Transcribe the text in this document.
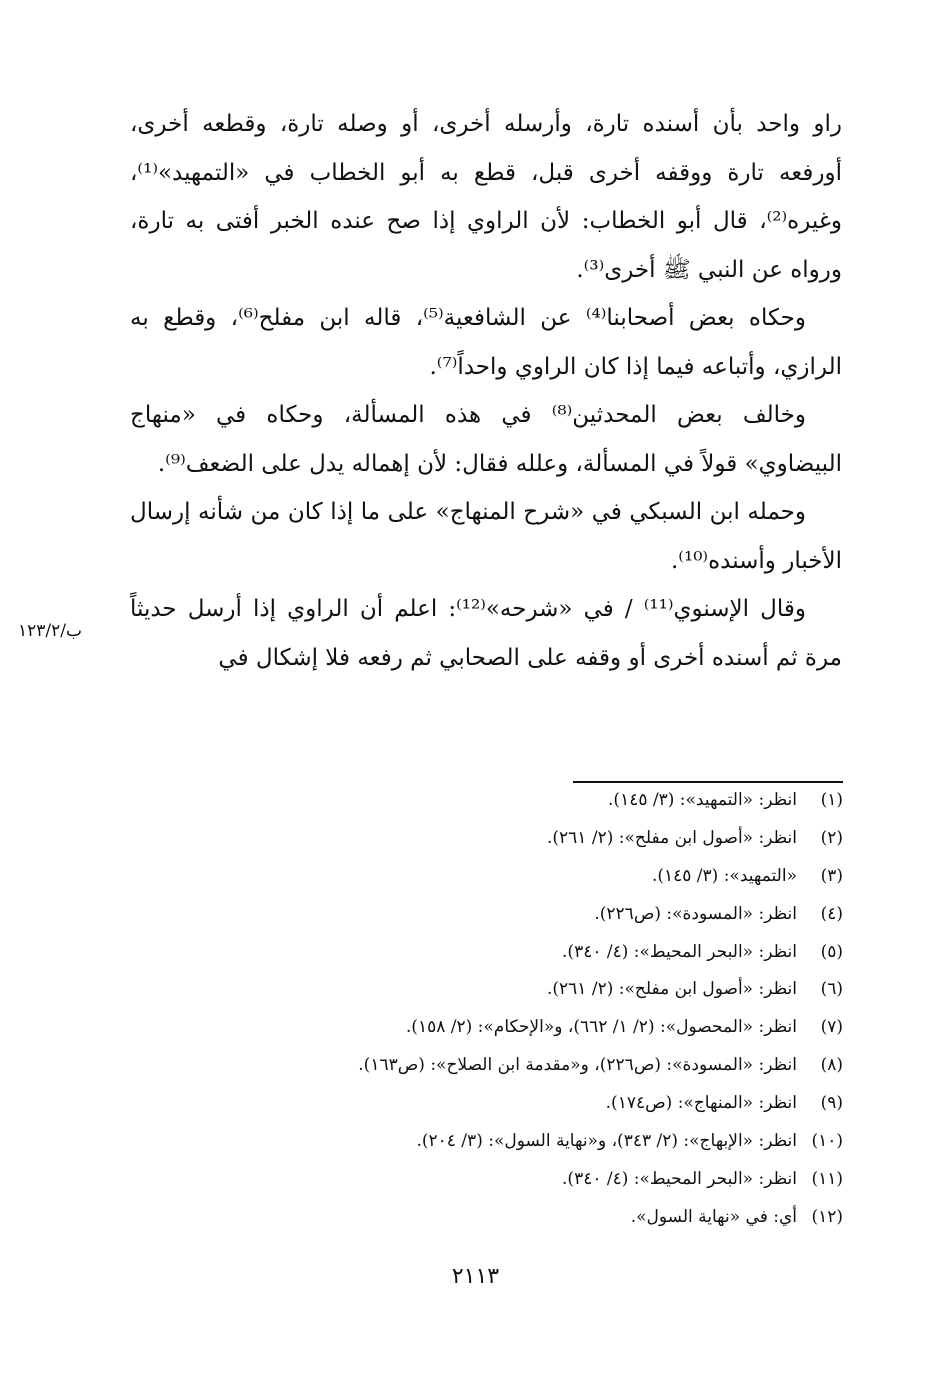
ب/١٢٣/٢

راو واحد بأن أسنده تارة، وأرسله أخرى، أو وصله تارة، وقطعه أخرى، أورفعه تارة ووقفه أخرى قبل، قطع به أبو الخطاب في «التمهيد»⁽¹⁾، وغيره⁽²⁾، قال أبو الخطاب: لأن الراوي إذا صح عنده الخبر أفتى به تارة، ورواه عن النبي ﷺ أخرى⁽³⁾.

وحكاه بعض أصحابنا⁽⁴⁾ عن الشافعية⁽⁵⁾، قاله ابن مفلح⁽⁶⁾، وقطع به الرازي، وأتباعه فيما إذا كان الراوي واحداً⁽⁷⁾.

وخالف بعض المحدثين⁽⁸⁾ في هذه المسألة، وحكاه في «منهاج البيضاوي» قولاً في المسألة، وعلله فقال: لأن إهماله يدل على الضعف⁽⁹⁾.

وحمله ابن السبكي في «شرح المنهاج» على ما إذا كان من شأنه إرسال الأخبار وأسنده⁽¹⁰⁾.

وقال الإسنوي⁽¹¹⁾ / في «شرحه»⁽¹²⁾: اعلم أن الراوي إذا أرسل حديثاً مرة ثم أسنده أخرى أو وقفه على الصحابي ثم رفعه فلا إشكال في

(١)انظر: «التمهيد»: (٣/ ١٤٥).
(٢)انظر: «أصول ابن مفلح»: (٢/ ٢٦١).
(٣)«التمهيد»: (٣/ ١٤٥).
(٤)انظر: «المسودة»: (ص٢٢٦).
(٥)انظر: «البحر المحيط»: (٤/ ٣٤٠).
(٦)انظر: «أصول ابن مفلح»: (٢/ ٢٦١).
(٧)انظر: «المحصول»: (٢/ ١/ ٦٦٢)، و«الإحكام»: (٢/ ١٥٨).
(٨)انظر: «المسودة»: (ص٢٢٦)، و«مقدمة ابن الصلاح»: (ص١٦٣).
(٩)انظر: «المنهاج»: (ص١٧٤).
(١٠)انظر: «الإبهاج»: (٢/ ٣٤٣)، و«نهاية السول»: (٣/ ٢٠٤).
(١١)انظر: «البحر المحيط»: (٤/ ٣٤٠).
(١٢)أي: في «نهاية السول».
٢١١٣
